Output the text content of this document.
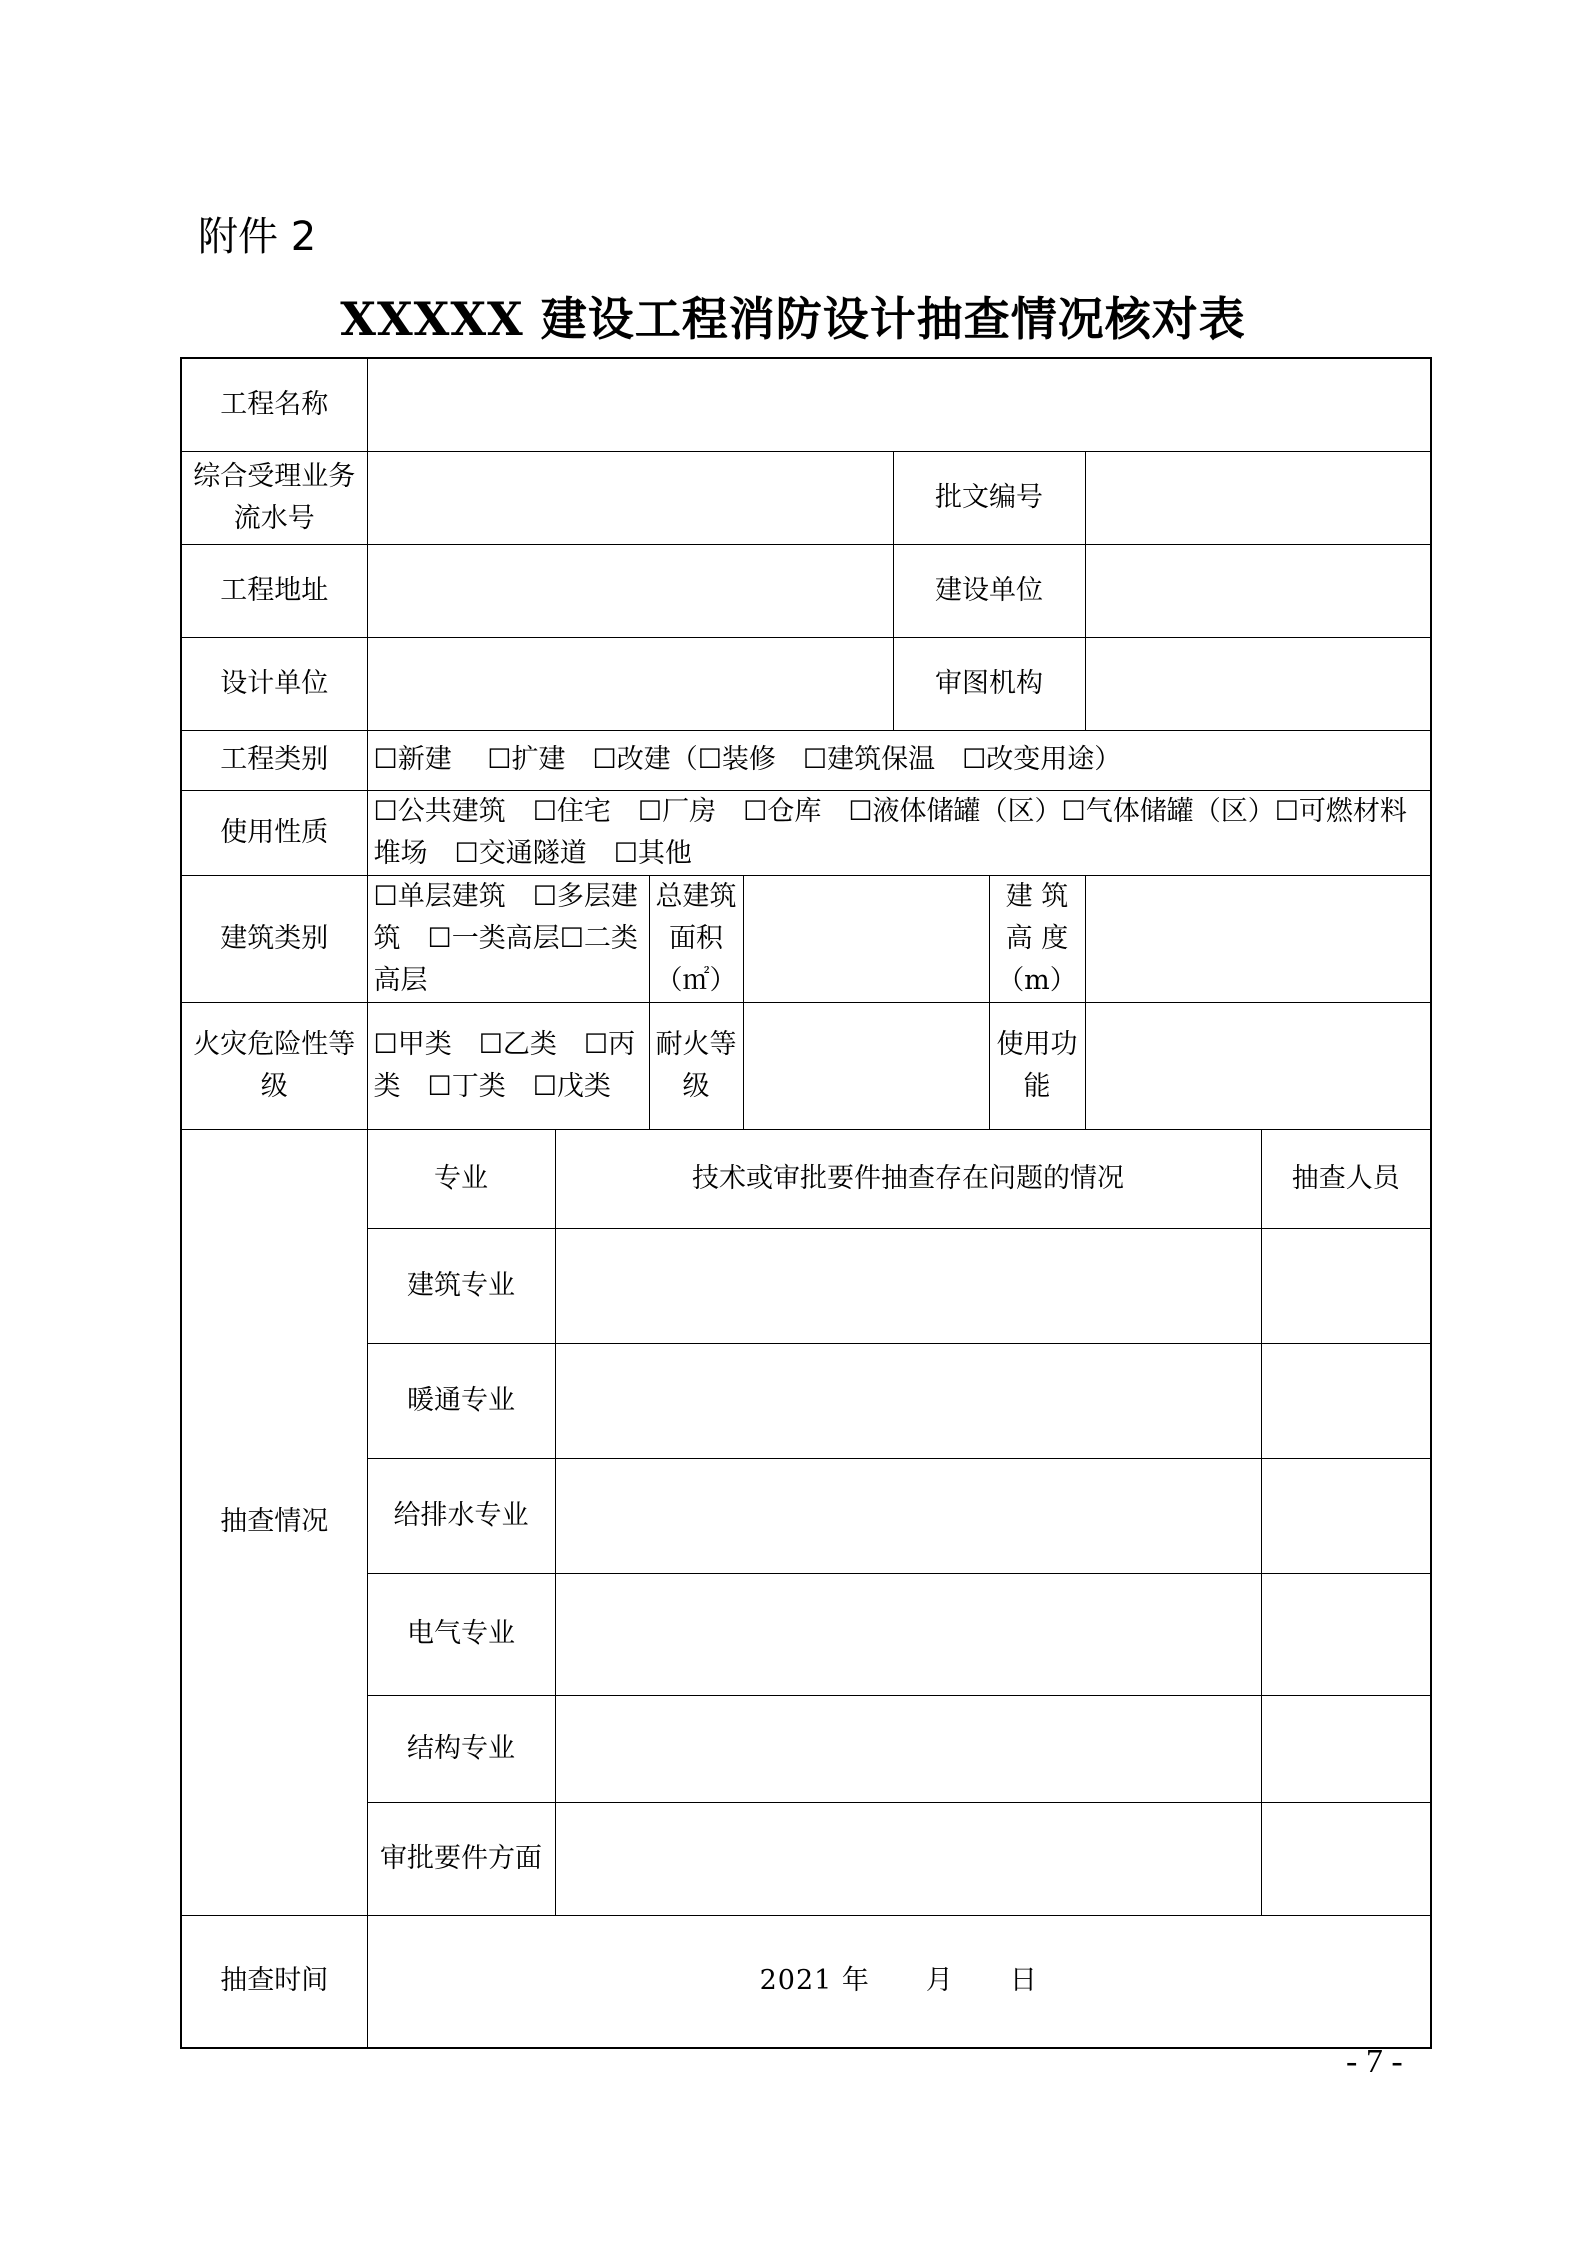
附件 2
XXXXX 建设工程消防设计抽查情况核对表
工程名称								
综合受理业务流水号					批文编号			
工程地址					建设单位			
设计单位					审图机构			
工程类别	☐新建　 ☐扩建　☐改建（☐装修　☐建筑保温　☐改变用途）							
使用性质	☐公共建筑　☐住宅　☐厂房　☐仓库　☐液体储罐（区）☐气体储罐（区）☐可燃材料堆场　☐交通隧道　☐其他							
建筑类别	☐单层建筑　☐多层建筑　☐一类高层☐二类高层		总建筑面积（㎡）			建 筑 高 度（m）		
火灾危险性等级	☐甲类　☐乙类　☐丙类　☐丁类　☐戊类		耐火等级			使用功能		
抽查情况	专业	技术或审批要件抽查存在问题的情况						抽查人员
	建筑专业							
	暖通专业							
	给排水专业							
	电气专业							
	结构专业							
	审批要件方面							
抽查时间	2021 年　　月　　日							
- 7 -
